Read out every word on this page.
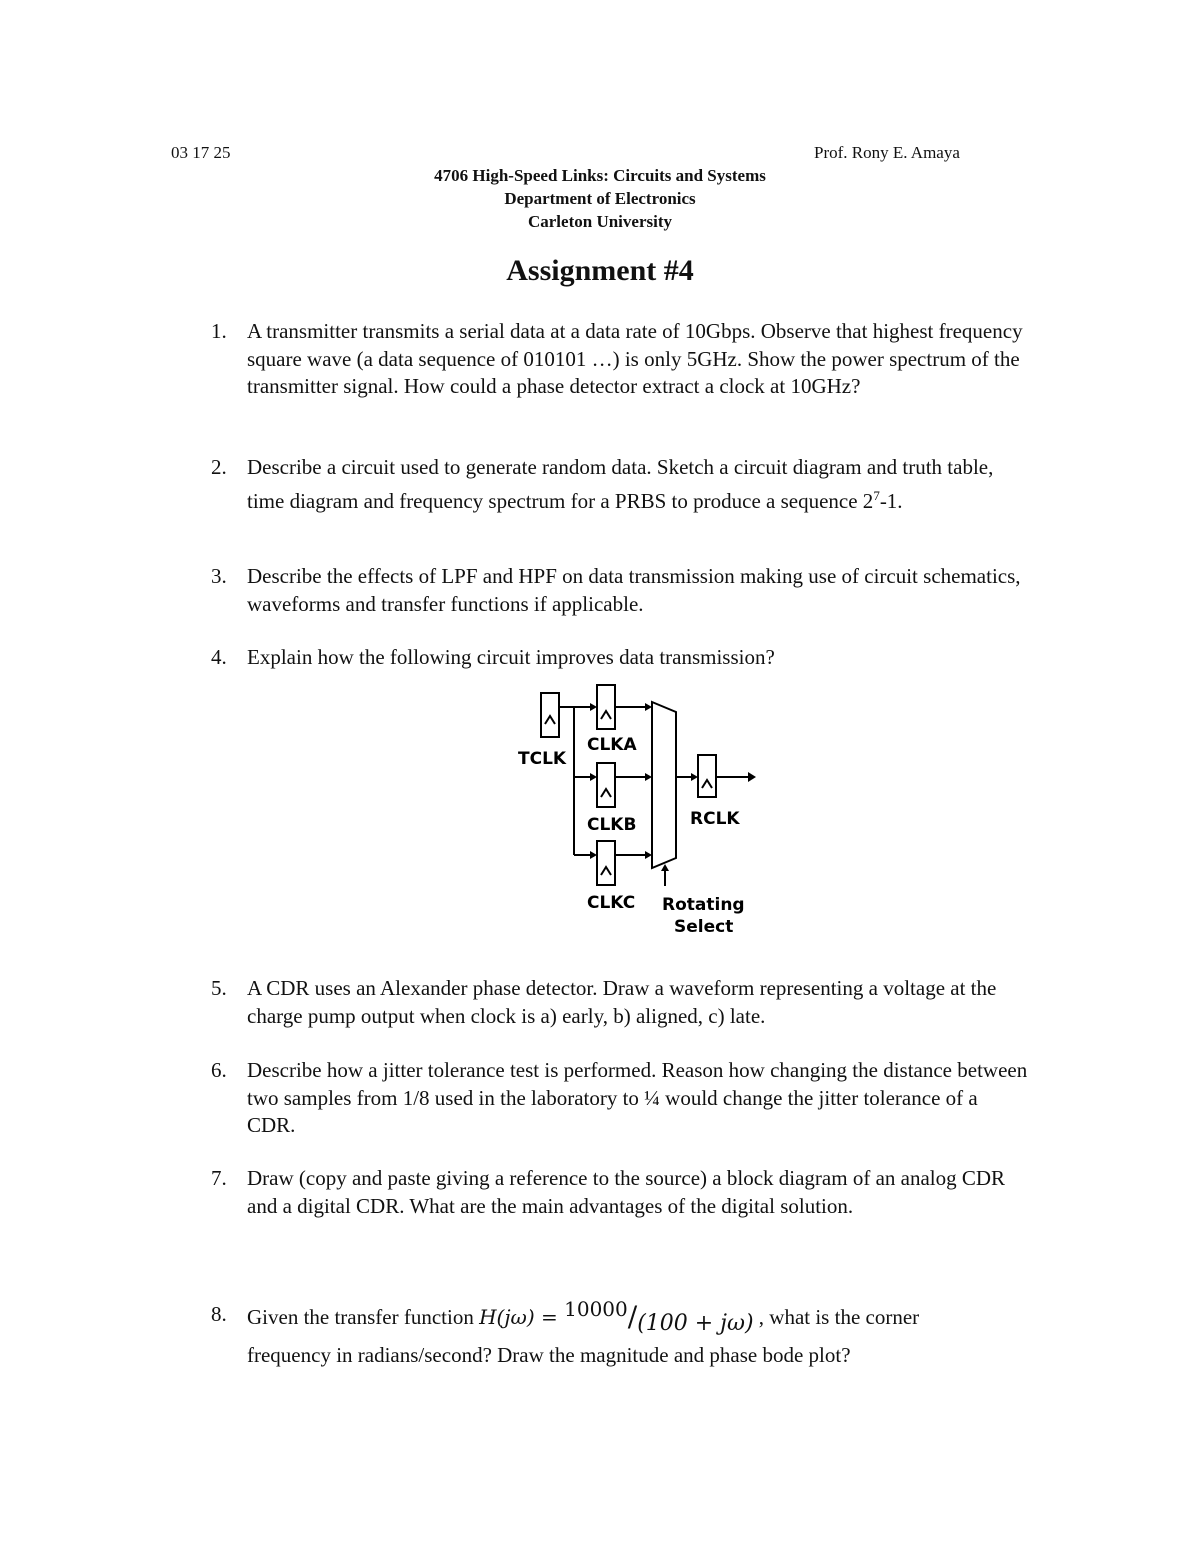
03 17 25	Prof. Rony E. Amaya
4706 High-Speed Links: Circuits and Systems
Department of Electronics
Carleton University
Assignment #4
1. A transmitter transmits a serial data at a data rate of 10Gbps. Observe that highest frequency square wave (a data sequence of 010101 …) is only 5GHz. Show the power spectrum of the transmitter signal. How could a phase detector extract a clock at 10GHz?
2. Describe a circuit used to generate random data. Sketch a circuit diagram and truth table, time diagram and frequency spectrum for a PRBS to produce a sequence $2^7-1$.
3. Describe the effects of LPF and HPF on data transmission making use of circuit schematics, waveforms and transfer functions if applicable.
4. Explain how the following circuit improves data transmission?
TCLK
CLKA
CLKB
CLKC
RCLK
Rotating
Select
5. A CDR uses an Alexander phase detector. Draw a waveform representing a voltage at the charge pump output when clock is a) early, b) aligned, c) late.
6. Describe how a jitter tolerance test is performed. Reason how changing the distance between two samples from 1/8 used in the laboratory to ¼ would change the jitter tolerance of a CDR.
7. Draw (copy and paste giving a reference to the source) a block diagram of an analog CDR and a digital CDR. What are the main advantages of the digital solution.
8. Given the transfer function H(jω) = 10000/(100 + jω) , what is the corner
frequency in radians/second? Draw the magnitude and phase bode plot?
